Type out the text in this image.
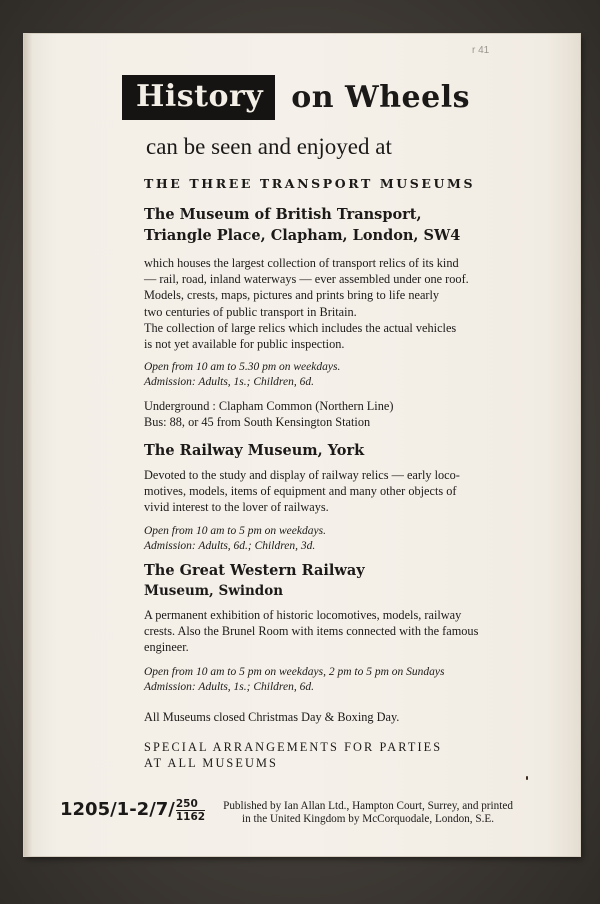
r 41
History on Wheels
can be seen and enjoyed at
THE THREE TRANSPORT MUSEUMS
The Museum of British Transport,
Triangle Place, Clapham, London, SW4
which houses the largest collection of transport relics of its kind
— rail, road, inland waterways — ever assembled under one roof.
Models, crests, maps, pictures and prints bring to life nearly
two centuries of public transport in Britain.
The collection of large relics which includes the actual vehicles
is not yet available for public inspection.
Open from 10 am to 5.30 pm on weekdays.
Admission: Adults, 1s.; Children, 6d.
Underground : Clapham Common (Northern Line)
Bus: 88, or 45 from South Kensington Station
The Railway Museum, York
Devoted to the study and display of railway relics — early loco-
motives, models, items of equipment and many other objects of
vivid interest to the lover of railways.
Open from 10 am to 5 pm on weekdays.
Admission: Adults, 6d.; Children, 3d.
The Great Western Railway
Museum, Swindon
A permanent exhibition of historic locomotives, models, railway
crests. Also the Brunel Room with items connected with the famous
engineer.
Open from 10 am to 5 pm on weekdays, 2 pm to 5 pm on Sundays
Admission: Adults, 1s.; Children, 6d.
All Museums closed Christmas Day & Boxing Day.
SPECIAL ARRANGEMENTS FOR PARTIES
AT ALL MUSEUMS
$1205/1-2/7/ \frac{250}{1162}$ Published by Ian Allan Ltd., Hampton Court, Surrey, and printed
in the United Kingdom by McCorquodale, London, S.E.
